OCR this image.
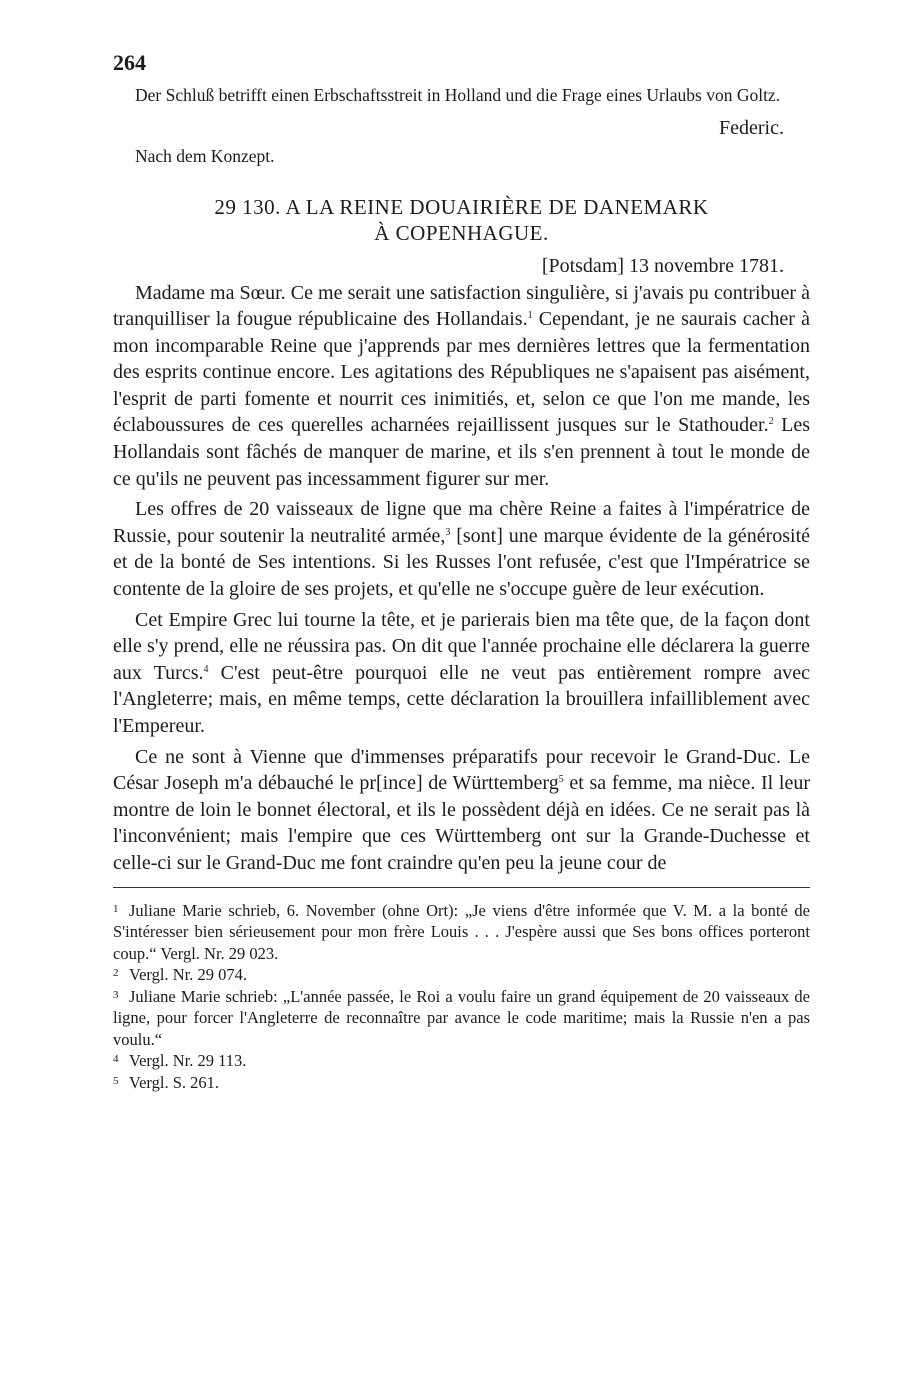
264

Der Schluß betrifft einen Erbschaftsstreit in Holland und die Frage eines Urlaubs von Goltz.

Federic.
Nach dem Konzept.
29 130. A LA REINE DOUAIRIÈRE DE DANEMARK
À COPENHAGUE.
[Potsdam] 13 novembre 1781.

Madame ma Sœur. Ce me serait une satisfaction singulière, si j'avais pu contribuer à tranquilliser la fougue républicaine des Hollandais.$^1$ Cependant, je ne saurais cacher à mon incomparable Reine que j'apprends par mes dernières lettres que la fermentation des esprits continue encore. Les agitations des Républiques ne s'apaisent pas aisément, l'esprit de parti fomente et nourrit ces inimitiés, et, selon ce que l'on me mande, les éclaboussures de ces querelles acharnées rejaillissent jusques sur le Stathouder.$^2$ Les Hollandais sont fâchés de manquer de marine, et ils s'en prennent à tout le monde de ce qu'ils ne peuvent pas incessamment figurer sur mer.

Les offres de 20 vaisseaux de ligne que ma chère Reine a faites à l'impératrice de Russie, pour soutenir la neutralité armée,$^3$ [sont] une marque évidente de la générosité et de la bonté de Ses intentions. Si les Russes l'ont refusée, c'est que l'Impératrice se contente de la gloire de ses projets, et qu'elle ne s'occupe guère de leur exécution.

Cet Empire Grec lui tourne la tête, et je parierais bien ma tête que, de la façon dont elle s'y prend, elle ne réussira pas. On dit que l'année prochaine elle déclarera la guerre aux Turcs.$^4$ C'est peut-être pourquoi elle ne veut pas entièrement rompre avec l'Angleterre; mais, en même temps, cette déclaration la brouillera infailliblement avec l'Empereur.

Ce ne sont à Vienne que d'immenses préparatifs pour recevoir le Grand-Duc. Le César Joseph m'a débauché le pr[ince] de Württemberg$^5$ et sa femme, ma nièce. Il leur montre de loin le bonnet électoral, et ils le possèdent déjà en idées. Ce ne serait pas là l'inconvénient; mais l'empire que ces Württemberg ont sur la Grande-Duchesse et celle-ci sur le Grand-Duc me font craindre qu'en peu la jeune cour de

1 Juliane Marie schrieb, 6. November (ohne Ort): „Je viens d'être informée que V. M. a la bonté de S'intéresser bien sérieusement pour mon frère Louis . . . J'espère aussi que Ses bons offices porteront coup.“ Vergl. Nr. 29 023.

2 Vergl. Nr. 29 074.

3 Juliane Marie schrieb: „L'année passée, le Roi a voulu faire un grand équipement de 20 vaisseaux de ligne, pour forcer l'Angleterre de reconnaître par avance le code maritime; mais la Russie n'en a pas voulu.“

4 Vergl. Nr. 29 113.

5 Vergl. S. 261.
